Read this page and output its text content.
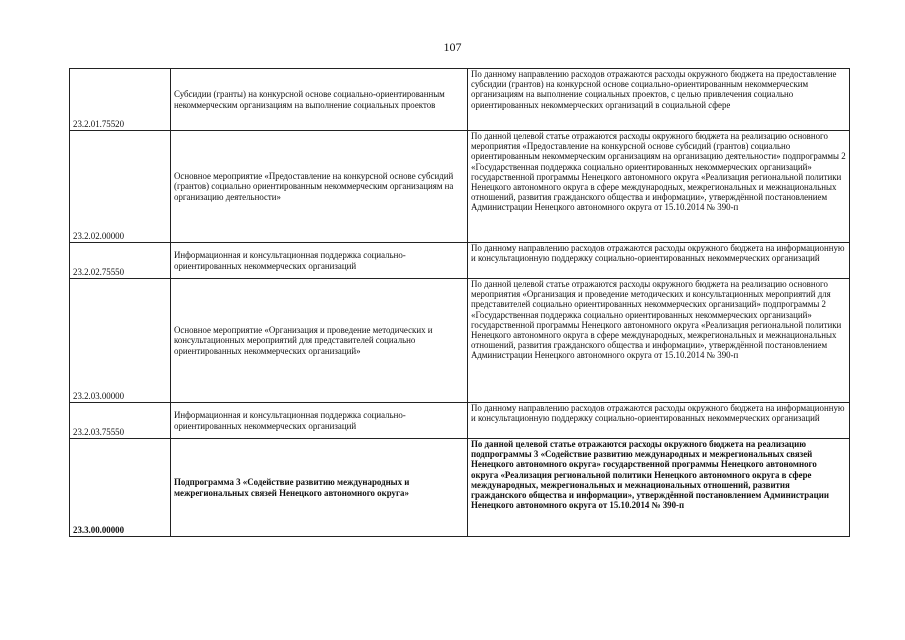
107
23.2.01.75520	Субсидии (гранты) на конкурсной основе социально-ориентированным некоммерческим организациям на выполнение социальных проектов	По данному направлению расходов отражаются расходы окружного бюджета на предоставление субсидии (грантов) на конкурсной основе социально-ориентированным некоммерческим организациям на выполнение социальных проектов, с целью привлечения социально ориентированных некоммерческих организаций в социальной сфере
23.2.02.00000	Основное мероприятие «Предоставление на конкурсной основе субсидий (грантов) социально ориентированным некоммерческим организациям на организацию деятельности»	По данной целевой статье отражаются расходы окружного бюджета на реализацию основного мероприятия «Предоставление на конкурсной основе субсидий (грантов) социально ориентированным некоммерческим организациям на организацию деятельности» подпрограммы 2 «Государственная поддержка социально ориентированных некоммерческих организаций» государственной программы Ненецкого автономного округа «Реализация региональной политики Ненецкого автономного округа в сфере международных, межрегиональных и межнациональных отношений, развития гражданского общества и информации», утверждённой постановлением Администрации Ненецкого автономного округа от 15.10.2014 № 390-п
23.2.02.75550	Информационная и консультационная поддержка социально-ориентированных некоммерческих организаций	По данному направлению расходов отражаются расходы окружного бюджета на информационную и консультационную поддержку социально-ориентированных некоммерческих организаций
23.2.03.00000	Основное мероприятие «Организация и проведение методических и консультационных мероприятий для представителей социально ориентированных некоммерческих организаций»	По данной целевой статье отражаются расходы окружного бюджета на реализацию основного мероприятия «Организация и проведение методических и консультационных мероприятий для представителей социально ориентированных некоммерческих организаций» подпрограммы 2 «Государственная поддержка социально ориентированных некоммерческих организаций» государственной программы Ненецкого автономного округа «Реализация региональной политики Ненецкого автономного округа в сфере международных, межрегиональных и межнациональных отношений, развития гражданского общества и информации», утверждённой постановлением Администрации Ненецкого автономного округа от 15.10.2014 № 390-п
23.2.03.75550	Информационная и консультационная поддержка социально-ориентированных некоммерческих организаций	По данному направлению расходов отражаются расходы окружного бюджета на информационную и консультационную поддержку социально-ориентированных некоммерческих организаций
23.3.00.00000	Подпрограмма 3 «Содействие развитию международных и межрегиональных связей Ненецкого автономного округа»	По данной целевой статье отражаются расходы окружного бюджета на реализацию подпрограммы 3 «Содействие развитию международных и межрегиональных связей Ненецкого автономного округа» государственной программы Ненецкого автономного округа «Реализация региональной политики Ненецкого автономного округа в сфере международных, межрегиональных и межнациональных отношений, развития гражданского общества и информации», утверждённой постановлением Администрации Ненецкого автономного округа от 15.10.2014 № 390-п
